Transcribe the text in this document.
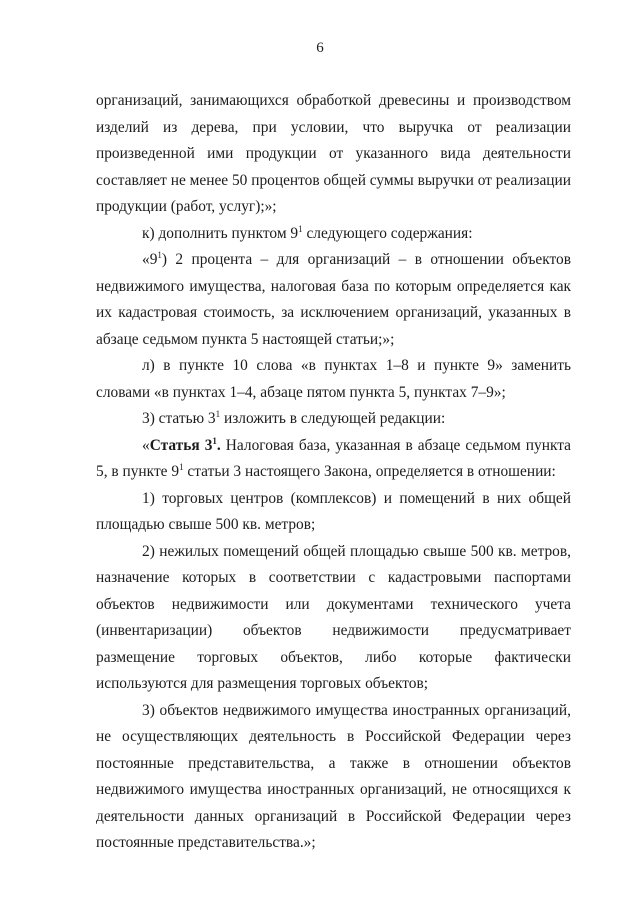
6

организаций, занимающихся обработкой древесины и производством изделий из дерева, при условии, что выручка от реализации произведенной ими продукции от указанного вида деятельности составляет не менее 50 процентов общей суммы выручки от реализации продукции (работ, услуг);»;

к) дополнить пунктом $9^1$ следующего содержания:

«$9^1$) 2 процента – для организаций – в отношении объектов недвижимого имущества, налоговая база по которым определяется как их кадастровая стоимость, за исключением организаций, указанных в абзаце седьмом пункта 5 настоящей статьи;»;

л) в пункте 10 слова «в пунктах 1–8 и пункте 9» заменить словами «в пунктах 1–4, абзаце пятом пункта 5, пунктах 7–9»;

3) статью $3^1$ изложить в следующей редакции:

«Статья $3^1$. Налоговая база, указанная в абзаце седьмом пункта 5, в пункте $9^1$ статьи 3 настоящего Закона, определяется в отношении:

1) торговых центров (комплексов) и помещений в них общей площадью свыше 500 кв. метров;

2) нежилых помещений общей площадью свыше 500 кв. метров, назначение которых в соответствии с кадастровыми паспортами объектов недвижимости или документами технического учета (инвентаризации) объектов недвижимости предусматривает размещение торговых объектов, либо которые фактически используются для размещения торговых объектов;

3) объектов недвижимого имущества иностранных организаций, не осуществляющих деятельность в Российской Федерации через постоянные представительства, а также в отношении объектов недвижимого имущества иностранных организаций, не относящихся к деятельности данных организаций в Российской Федерации через постоянные представительства.»;
